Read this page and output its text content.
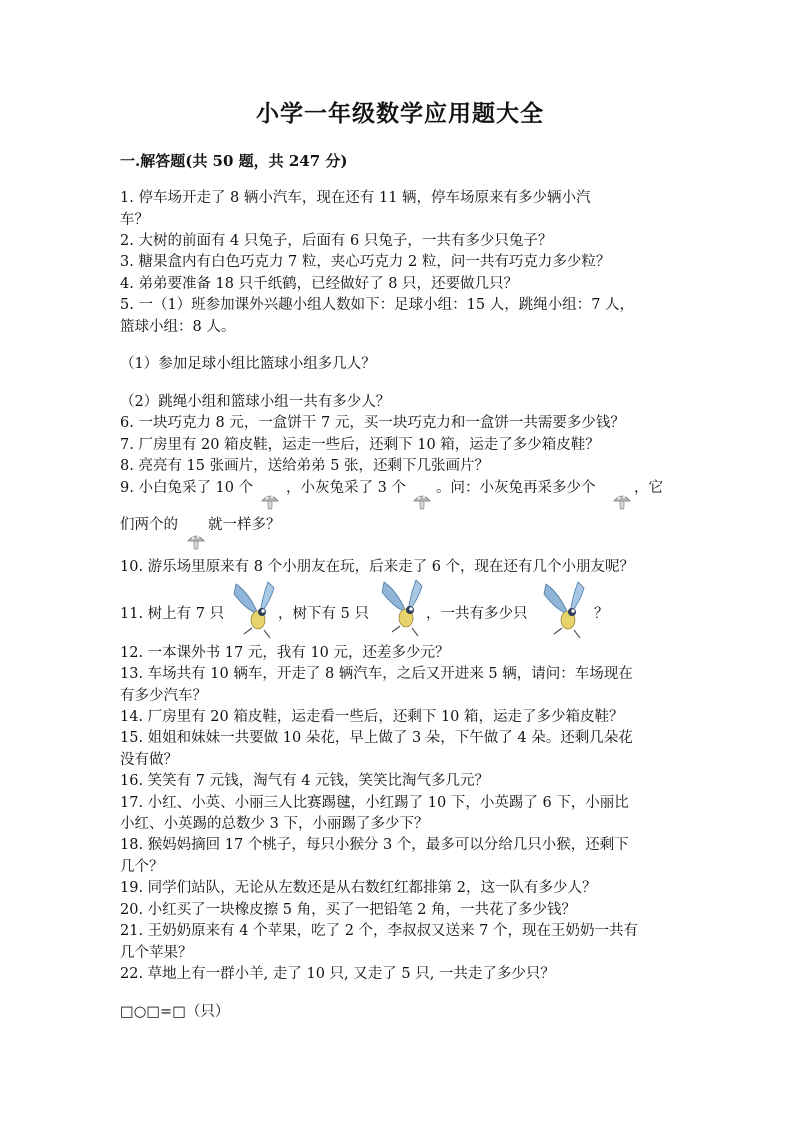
小学一年级数学应用题大全
一.解答题(共 50 题，共 247 分)
1. 停车场开走了 8 辆小汽车，现在还有 11 辆，停车场原来有多少辆小汽
车？
2. 大树的前面有 4 只兔子，后面有 6 只兔子，一共有多少只兔子？
3. 糖果盒内有白色巧克力 7 粒，夹心巧克力 2 粒，问一共有巧克力多少粒？
4. 弟弟要准备 18 只千纸鹤，已经做好了 8 只，还要做几只？
5. 一（1）班参加课外兴趣小组人数如下：足球小组：15 人，跳绳小组：7 人，
篮球小组：8 人。
（1）参加足球小组比篮球小组多几人？
（2）跳绳小组和篮球小组一共有多少人？
6. 一块巧克力 8 元，一盒饼干 7 元，买一块巧克力和一盒饼一共需要多少钱？
7. 厂房里有 20 箱皮鞋，运走一些后，还剩下 10 箱，运走了多少箱皮鞋？
8. 亮亮有 15 张画片，送给弟弟 5 张，还剩下几张画片？
9. 小白兔采了 10 个 ，小灰兔采了 3 个 。问：小灰兔再采多少个	，它
们两个的 就一样多？
10. 游乐场里原来有 8 个小朋友在玩，后来走了 6 个，现在还有几个小朋友呢？
11. 树上有 7 只	，树下有 5 只	，一共有多少只	？
12. 一本课外书 17 元，我有 10 元，还差多少元？
13. 车场共有 10 辆车，开走了 8 辆汽车，之后又开进来 5 辆，请问：车场现在
有多少汽车？
14. 厂房里有 20 箱皮鞋，运走看一些后，还剩下 10 箱，运走了多少箱皮鞋？
15. 姐姐和妹妹一共要做 10 朵花，早上做了 3 朵，下午做了 4 朵。还剩几朵花
没有做？
16. 笑笑有 7 元钱，淘气有 4 元钱，笑笑比淘气多几元？
17. 小红、小英、小丽三人比赛踢毽，小红踢了 10 下，小英踢了 6 下，小丽比
小红、小英踢的总数少 3 下，小丽踢了多少下？
18. 猴妈妈摘回 17 个桃子，每只小猴分 3 个，最多可以分给几只小猴，还剩下
几个？
19. 同学们站队，无论从左数还是从右数红红都排第 2，这一队有多少人？
20. 小红买了一块橡皮擦 5 角，买了一把铅笔 2 角，一共花了多少钱？
21. 王奶奶原来有 4 个苹果，吃了 2 个，李叔叔又送来 7 个，现在王奶奶一共有
几个苹果？
22. 草地上有一群小羊, 走了 10 只, 又走了 5 只, 一共走了多少只？
□○□=□（只）
